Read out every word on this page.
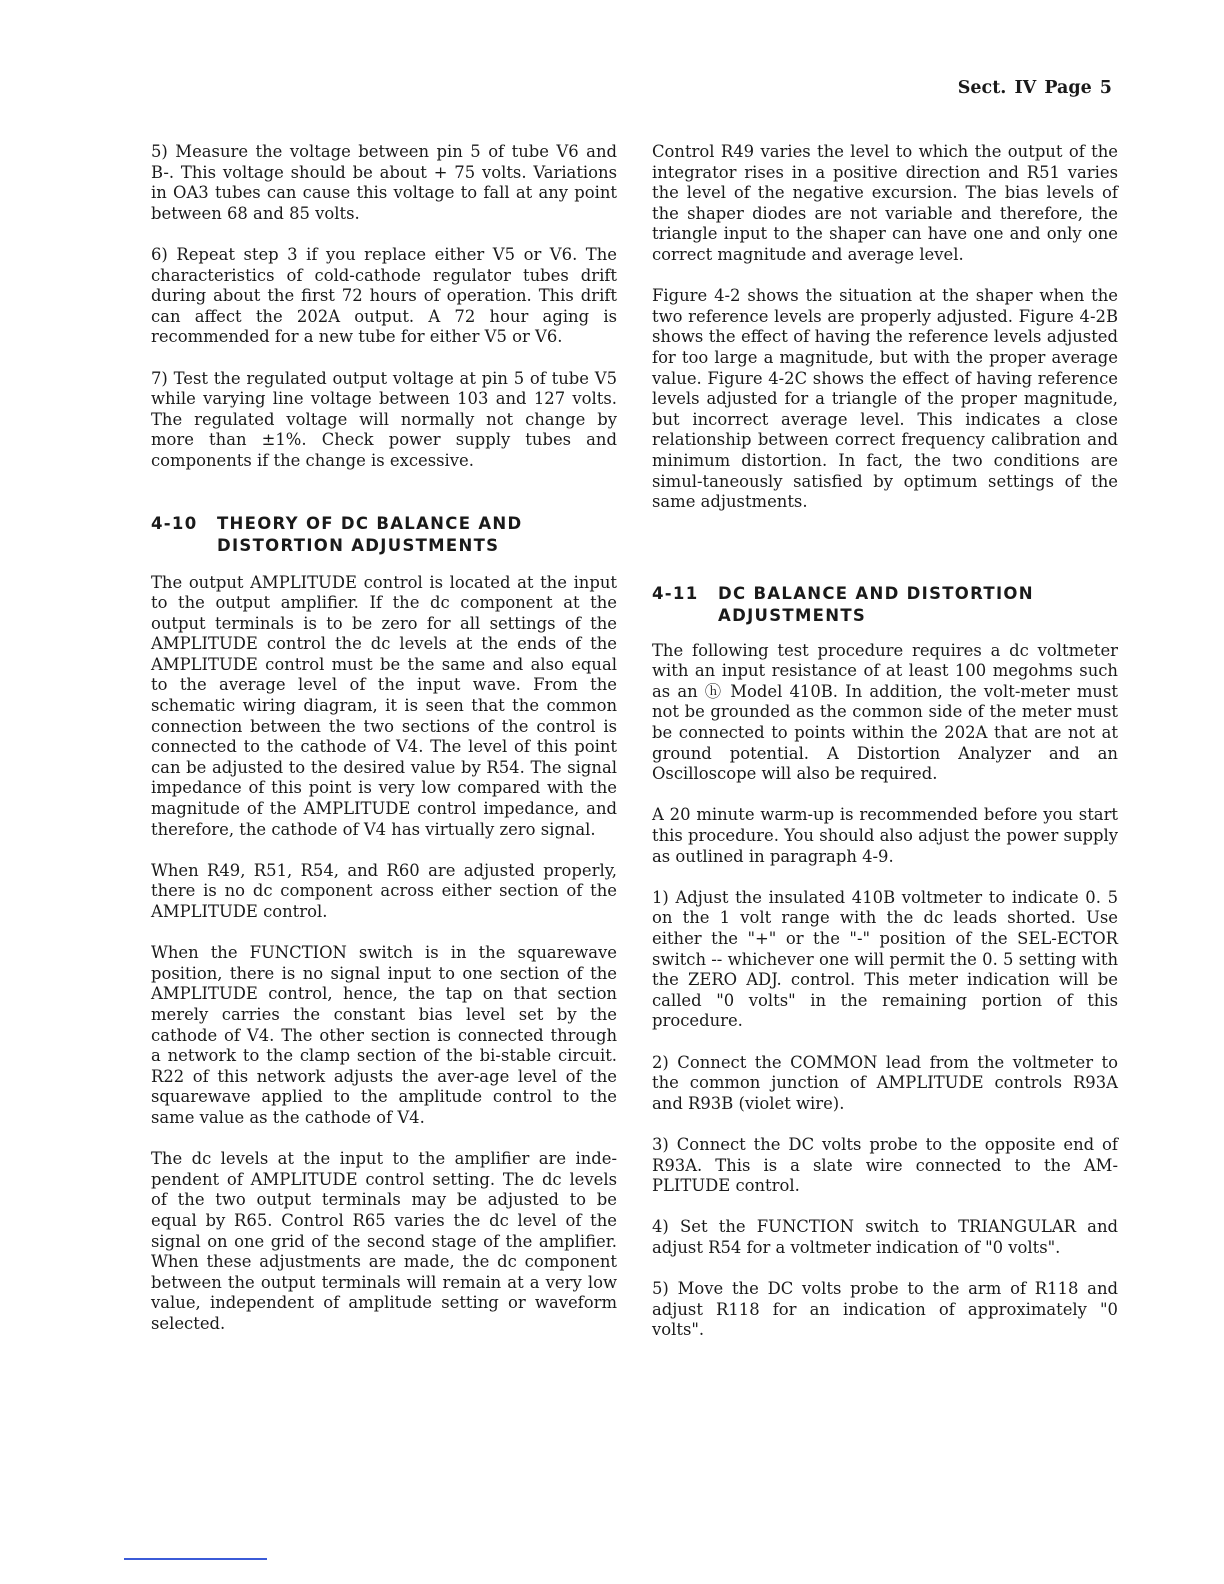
Sect. IV Page 5

5) Measure the voltage between pin 5 of tube V6 and B-. This voltage should be about + 75 volts. Variations in OA3 tubes can cause this voltage to fall at any point between 68 and 85 volts.

6) Repeat step 3 if you replace either V5 or V6. The characteristics of cold-cathode regulator tubes drift during about the first 72 hours of operation. This drift can affect the 202A output. A 72 hour aging is recommended for a new tube for either V5 or V6.

7) Test the regulated output voltage at pin 5 of tube V5 while varying line voltage between 103 and 127 volts. The regulated voltage will normally not change by more than ±1%. Check power supply tubes and components if the change is excessive.

4-10	THEORY OF DC BALANCE AND DISTORTION ADJUSTMENTS

The output AMPLITUDE control is located at the input to the output amplifier. If the dc component at the output terminals is to be zero for all settings of the AMPLITUDE control the dc levels at the ends of the AMPLITUDE control must be the same and also equal to the average level of the input wave. From the schematic wiring diagram, it is seen that the common connection between the two sections of the control is connected to the cathode of V4. The level of this point can be adjusted to the desired value by R54. The signal impedance of this point is very low compared with the magnitude of the AMPLITUDE control impedance, and therefore, the cathode of V4 has virtually zero signal.

When R49, R51, R54, and R60 are adjusted properly, there is no dc component across either section of the AMPLITUDE control.

When the FUNCTION switch is in the squarewave position, there is no signal input to one section of the AMPLITUDE control, hence, the tap on that section merely carries the constant bias level set by the cathode of V4. The other section is connected through a network to the clamp section of the bi-stable circuit. R22 of this network adjusts the aver-age level of the squarewave applied to the amplitude control to the same value as the cathode of V4.

The dc levels at the input to the amplifier are inde-pendent of AMPLITUDE control setting. The dc levels of the two output terminals may be adjusted to be equal by R65. Control R65 varies the dc level of the signal on one grid of the second stage of the amplifier. When these adjustments are made, the dc component between the output terminals will remain at a very low value, independent of amplitude setting or waveform selected.

Control R49 varies the level to which the output of the integrator rises in a positive direction and R51 varies the level of the negative excursion. The bias levels of the shaper diodes are not variable and therefore, the triangle input to the shaper can have one and only one correct magnitude and average level.

Figure 4-2 shows the situation at the shaper when the two reference levels are properly adjusted. Figure 4-2B shows the effect of having the reference levels adjusted for too large a magnitude, but with the proper average value. Figure 4-2C shows the effect of having reference levels adjusted for a triangle of the proper magnitude, but incorrect average level. This indicates a close relationship between correct frequency calibration and minimum distortion. In fact, the two conditions are simul-taneously satisfied by optimum settings of the same adjustments.

4-11	DC BALANCE AND DISTORTION ADJUSTMENTS

The following test procedure requires a dc voltmeter with an input resistance of at least 100 megohms such as an ⓗ Model 410B. In addition, the volt-meter must not be grounded as the common side of the meter must be connected to points within the 202A that are not at ground potential. A Distortion Analyzer and an Oscilloscope will also be required.

A 20 minute warm-up is recommended before you start this procedure. You should also adjust the power supply as outlined in paragraph 4-9.

1) Adjust the insulated 410B voltmeter to indicate 0. 5 on the 1 volt range with the dc leads shorted. Use either the "+" or the "-" position of the SEL-ECTOR switch -- whichever one will permit the 0. 5 setting with the ZERO ADJ. control. This meter indication will be called "0 volts" in the remaining portion of this procedure.

2) Connect the COMMON lead from the voltmeter to the common junction of AMPLITUDE controls R93A and R93B (violet wire).

3) Connect the DC volts probe to the opposite end of R93A. This is a slate wire connected to the AM-PLITUDE control.

4) Set the FUNCTION switch to TRIANGULAR and adjust R54 for a voltmeter indication of "0 volts".

5) Move the DC volts probe to the arm of R118 and adjust R118 for an indication of approximately "0 volts".
